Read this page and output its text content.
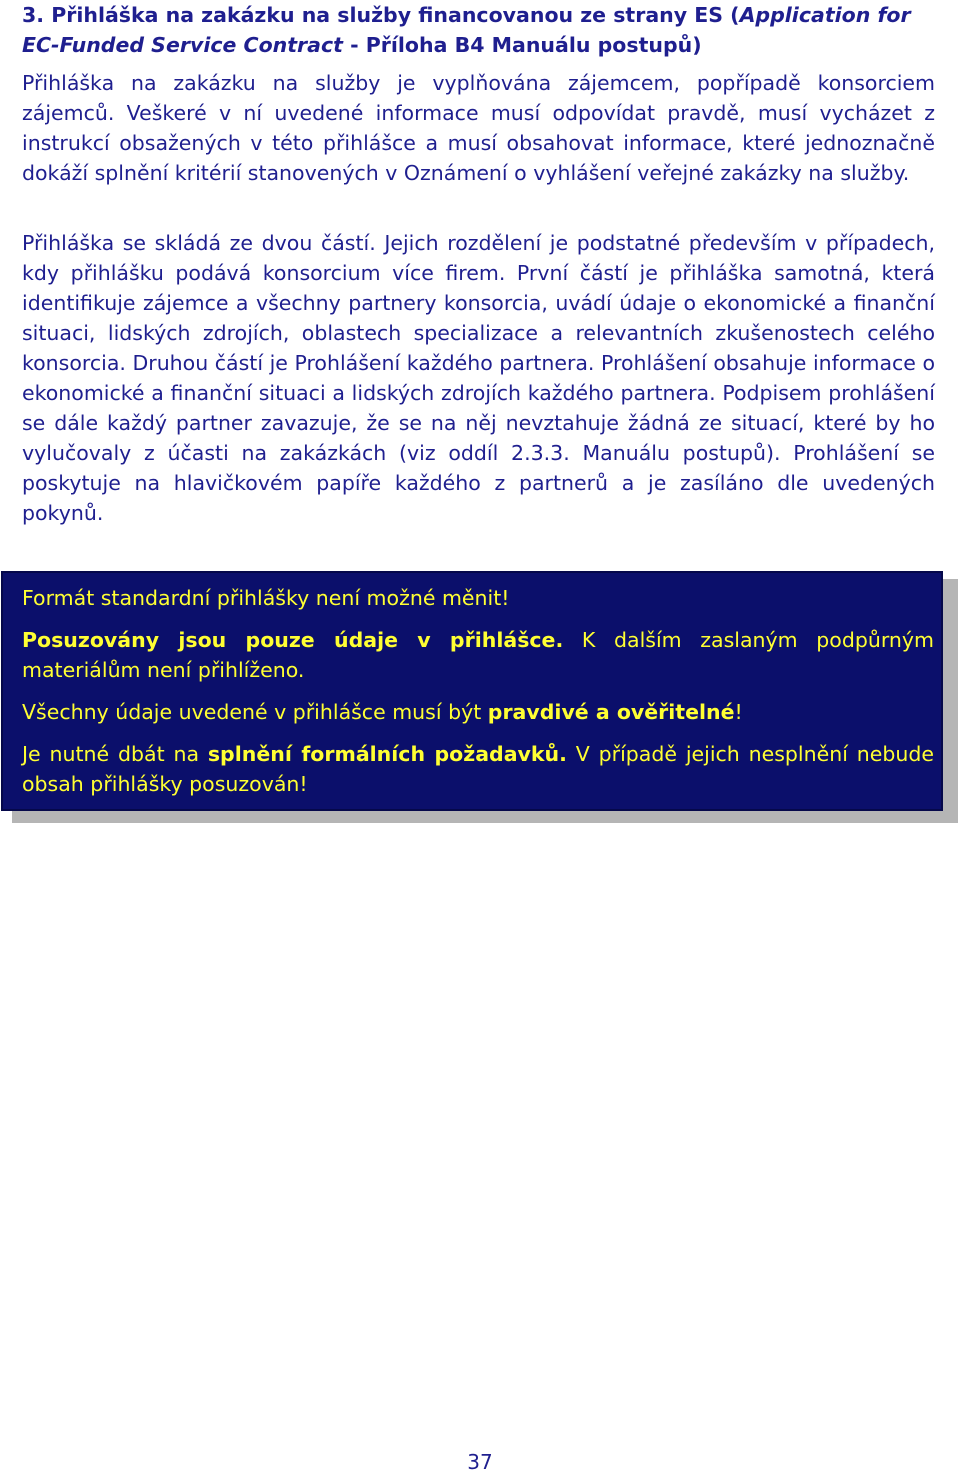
3. Přihláška na zakázku na služby financovanou ze strany ES (Application for EC-Funded Service Contract - Příloha B4 Manuálu postupů)

Přihláška na zakázku na služby je vyplňována zájemcem, popřípadě konsorciem zájemců. Veškeré v ní uvedené informace musí odpovídat pravdě, musí vycházet z instrukcí obsažených v této přihlášce a musí obsahovat informace, které jednoznačně dokáží splnění kritérií stanovených v Oznámení o vyhlášení veřejné zakázky na služby.

Přihláška se skládá ze dvou částí. Jejich rozdělení je podstatné především v případech, kdy přihlášku podává konsorcium více firem. První částí je přihláška samotná, která identifikuje zájemce a všechny partnery konsorcia, uvádí údaje o ekonomické a finanční situaci, lidských zdrojích, oblastech specializace a relevantních zkušenostech celého konsorcia. Druhou částí je Prohlášení každého partnera. Prohlášení obsahuje informace o ekonomické a finanční situaci a lidských zdrojích každého partnera. Podpisem prohlášení se dále každý partner zavazuje, že se na něj nevztahuje žádná ze situací, které by ho vylučovaly z účasti na zakázkách (viz oddíl 2.3.3. Manuálu postupů). Prohlášení se poskytuje na hlavičkovém papíře každého z partnerů a je zasíláno dle uvedených pokynů.

Formát standardní přihlášky není možné měnit!

Posuzovány jsou pouze údaje v přihlášce. K dalším zaslaným podpůrným materiálům není přihlíženo.

Všechny údaje uvedené v přihlášce musí být pravdivé a ověřitelné!

Je nutné dbát na splnění formálních požadavků. V případě jejich nesplnění nebude obsah přihlášky posuzován!

37
